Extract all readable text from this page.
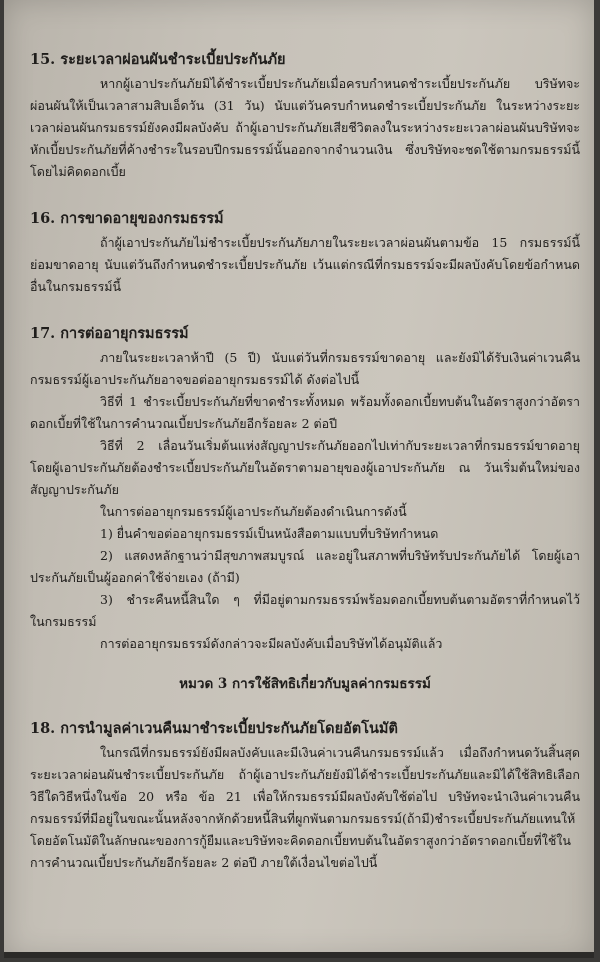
15. ระยะเวลาผ่อนผันชำระเบี้ยประกันภัย

หากผู้เอาประกันภัยมิได้ชำระเบี้ยประกันภัยเมื่อครบกำหนดชำระเบี้ยประกันภัย บริษัทจะผ่อนผันให้เป็นเวลาสามสิบเอ็ดวัน (31 วัน) นับแต่วันครบกำหนดชำระเบี้ยประกันภัย ในระหว่างระยะเวลาผ่อนผันกรมธรรม์ยังคงมีผลบังคับ ถ้าผู้เอาประกันภัยเสียชีวิตลงในระหว่างระยะเวลาผ่อนผันบริษัทจะหักเบี้ยประกันภัยที่ค้างชำระในรอบปีกรมธรรม์นั้นออกจากจำนวนเงิน ซึ่งบริษัทจะชดใช้ตามกรมธรรม์นี้ โดยไม่คิดดอกเบี้ย

16. การขาดอายุของกรมธรรม์

ถ้าผู้เอาประกันภัยไม่ชำระเบี้ยประกันภัยภายในระยะเวลาผ่อนผันตามข้อ 15 กรมธรรม์นี้ย่อมขาดอายุ นับแต่วันถึงกำหนดชำระเบี้ยประกันภัย เว้นแต่กรณีที่กรมธรรม์จะมีผลบังคับโดยข้อกำหนดอื่นในกรมธรรม์นี้

17. การต่ออายุกรมธรรม์

ภายในระยะเวลาห้าปี (5 ปี) นับแต่วันที่กรมธรรม์ขาดอายุ และยังมิได้รับเงินค่าเวนคืนกรมธรรม์ผู้เอาประกันภัยอาจขอต่ออายุกรมธรรม์ได้ ดังต่อไปนี้

วิธีที่ 1 ชำระเบี้ยประกันภัยที่ขาดชำระทั้งหมด พร้อมทั้งดอกเบี้ยทบต้นในอัตราสูงกว่าอัตราดอกเบี้ยที่ใช้ในการคำนวณเบี้ยประกันภัยอีกร้อยละ 2 ต่อปี

วิธีที่ 2 เลื่อนวันเริ่มต้นแห่งสัญญาประกันภัยออกไปเท่ากับระยะเวลาที่กรมธรรม์ขาดอายุ โดยผู้เอาประกันภัยต้องชำระเบี้ยประกันภัยในอัตราตามอายุของผู้เอาประกันภัย ณ วันเริ่มต้นใหม่ของสัญญาประกันภัย

ในการต่ออายุกรมธรรม์ผู้เอาประกันภัยต้องดำเนินการดังนี้

1) ยื่นคำขอต่ออายุกรมธรรม์เป็นหนังสือตามแบบที่บริษัทกำหนด

2) แสดงหลักฐานว่ามีสุขภาพสมบูรณ์ และอยู่ในสภาพที่บริษัทรับประกันภัยได้ โดยผู้เอาประกันภัยเป็นผู้ออกค่าใช้จ่ายเอง (ถ้ามี)

3) ชำระคืนหนี้สินใด ๆ ที่มีอยู่ตามกรมธรรม์พร้อมดอกเบี้ยทบต้นตามอัตราที่กำหนดไว้ในกรมธรรม์

การต่ออายุกรมธรรม์ดังกล่าวจะมีผลบังคับเมื่อบริษัทได้อนุมัติแล้ว

หมวด 3 การใช้สิทธิเกี่ยวกับมูลค่ากรมธรรม์
18. การนำมูลค่าเวนคืนมาชำระเบี้ยประกันภัยโดยอัตโนมัติ

ในกรณีที่กรมธรรม์ยังมีผลบังคับและมีเงินค่าเวนคืนกรมธรรม์แล้ว เมื่อถึงกำหนดวันสิ้นสุดระยะเวลาผ่อนผันชำระเบี้ยประกันภัย ถ้าผู้เอาประกันภัยยังมิได้ชำระเบี้ยประกันภัยและมิได้ใช้สิทธิเลือกวิธีใดวิธีหนึ่งในข้อ 20 หรือ ข้อ 21 เพื่อให้กรมธรรม์มีผลบังคับใช้ต่อไป บริษัทจะนำเงินค่าเวนคืนกรมธรรม์ที่มีอยู่ในขณะนั้นหลังจากหักด้วยหนี้สินที่ผูกพันตามกรมธรรม์(ถ้ามี)ชำระเบี้ยประกันภัยแทนให้โดยอัตโนมัติในลักษณะของการกู้ยืมและบริษัทจะคิดดอกเบี้ยทบต้นในอัตราสูงกว่าอัตราดอกเบี้ยที่ใช้ใน การคำนวณเบี้ยประกันภัยอีกร้อยละ 2 ต่อปี ภายใต้เงื่อนไขต่อไปนี้
